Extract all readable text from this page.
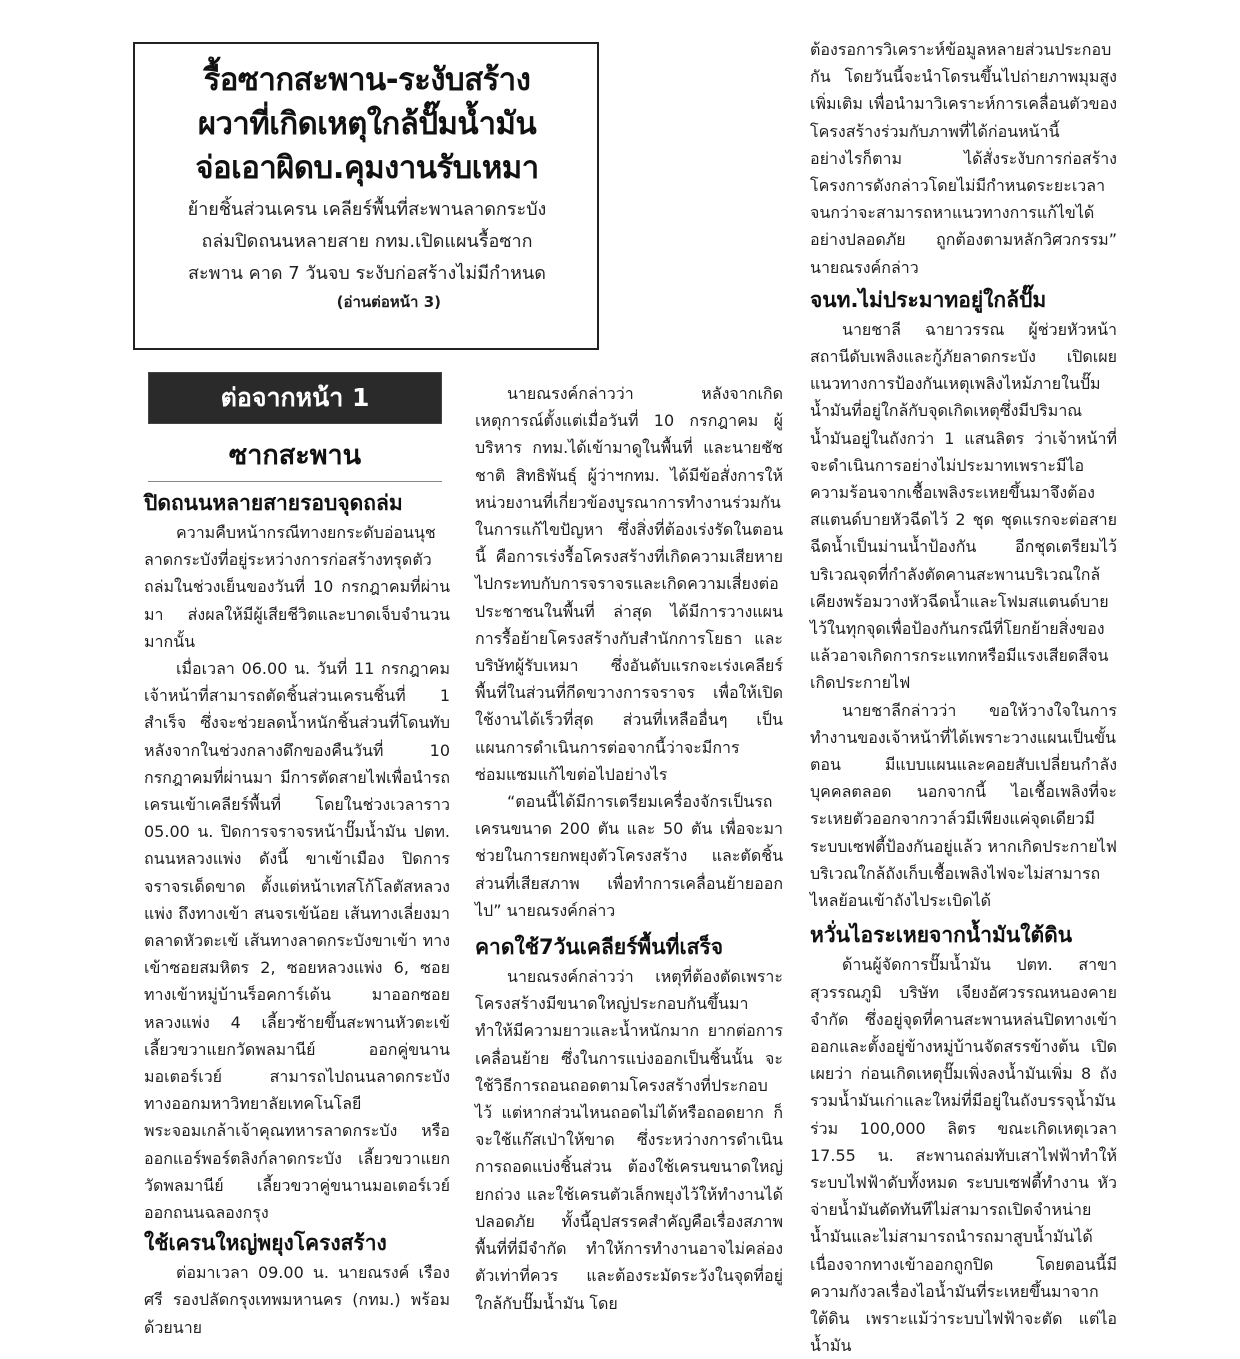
รื้อซากสะพาน-ระงับสร้าง

ผวาที่เกิดเหตุใกล้ปั๊มน้ำมัน

จ่อเอาผิดบ.คุมงานรับเหมา

ย้ายชิ้นส่วนเครน เคลียร์พื้นที่สะพานลาดกระบัง

ถล่มปิดถนนหลายสาย กทม.เปิดแผนรื้อซาก

สะพาน คาด 7 วันจบ ระงับก่อสร้างไม่มีกำหนด

(อ่านต่อหน้า 3)

ต่อจากหน้า 1
ซากสะพาน
ปิดถนนหลายสายรอบจุดถล่ม

ความคืบหน้ากรณีทางยกระดับอ่อนนุช ลาดกระบังที่อยู่ระหว่างการก่อสร้างทรุดตัวถล่มในช่วงเย็นของวันที่ 10 กรกฎาคมที่ผ่านมา ส่งผลให้มีผู้เสียชีวิตและบาดเจ็บจำนวนมากนั้น

เมื่อเวลา 06.00 น. วันที่ 11 กรกฎาคม เจ้าหน้าที่สามารถตัดชิ้นส่วนเครนชิ้นที่ 1 สำเร็จ ซึ่งจะช่วยลดน้ำหนักชิ้นส่วนที่โดนทับ หลังจากในช่วงกลางดึกของคืนวันที่ 10 กรกฎาคมที่ผ่านมา มีการตัดสายไฟเพื่อนำรถเครนเข้าเคลียร์พื้นที่ โดยในช่วงเวลาราว 05.00 น. ปิดการจราจรหน้าปั๊มน้ำมัน ปตท. ถนนหลวงแพ่ง ดังนี้ ขาเข้าเมือง ปิดการจราจรเด็ดขาด ตั้งแต่หน้าเทสโก้โลตัสหลวงแพ่ง ถึงทางเข้า สนจรเข้น้อย เส้นทางเลี่ยงมาตลาดหัวตะเข้ เส้นทางลาดกระบังขาเข้า ทางเข้าซอยสมหิตร 2, ซอยหลวงแพ่ง 6, ซอยทางเข้าหมู่บ้านร็อคการ์เด้น มาออกซอยหลวงแพ่ง 4 เลี้ยวซ้ายขึ้นสะพานหัวตะเข้ เลี้ยวขวาแยกวัดพลมานีย์ ออกคู่ขนานมอเตอร์เวย์ สามารถไปถนนลาดกระบัง ทางออกมหาวิทยาลัยเทคโนโลยีพระจอมเกล้าเจ้าคุณทหารลาดกระบัง หรือออกแอร์พอร์ตลิงก์ลาดกระบัง เลี้ยวขวาแยกวัดพลมานีย์ เลี้ยวขวาคู่ขนานมอเตอร์เวย์ ออกถนนฉลองกรุง

ใช้เครนใหญ่พยุงโครงสร้าง

ต่อมาเวลา 09.00 น. นายณรงค์ เรืองศรี รองปลัดกรุงเทพมหานคร (กทม.) พร้อมด้วยนาย

นายณรงค์กล่าวว่า หลังจากเกิดเหตุการณ์ตั้งแต่เมื่อวันที่ 10 กรกฎาคม ผู้บริหาร กทม.ได้เข้ามาดูในพื้นที่ และนายชัชชาติ สิทธิพันธุ์ ผู้ว่าฯกทม. ได้มีข้อสั่งการให้หน่วยงานที่เกี่ยวข้องบูรณาการทำงานร่วมกันในการแก้ไขปัญหา ซึ่งสิ่งที่ต้องเร่งรัดในตอนนี้ คือการเร่งรื้อโครงสร้างที่เกิดความเสียหาย ไปกระทบกับการจราจรและเกิดความเสี่ยงต่อประชาชนในพื้นที่ ล่าสุด ได้มีการวางแผนการรื้อย้ายโครงสร้างกับสำนักการโยธา และบริษัทผู้รับเหมา ซึ่งอันดับแรกจะเร่งเคลียร์พื้นที่ในส่วนที่กีดขวางการจราจร เพื่อให้เปิดใช้งานได้เร็วที่สุด ส่วนที่เหลืออื่นๆ เป็นแผนการดำเนินการต่อจากนี้ว่าจะมีการซ่อมแซมแก้ไขต่อไปอย่างไร

“ตอนนี้ได้มีการเตรียมเครื่องจักรเป็นรถเครนขนาด 200 ตัน และ 50 ตัน เพื่อจะมาช่วยในการยกพยุงตัวโครงสร้าง และตัดชิ้นส่วนที่เสียสภาพ เพื่อทำการเคลื่อนย้ายออกไป” นายณรงค์กล่าว

คาดใช้7วันเคลียร์พื้นที่เสร็จ

นายณรงค์กล่าวว่า เหตุที่ต้องตัดเพราะโครงสร้างมีขนาดใหญ่ประกอบกันขึ้นมา ทำให้มีความยาวและน้ำหนักมาก ยากต่อการเคลื่อนย้าย ซึ่งในการแบ่งออกเป็นชิ้นนั้น จะใช้วิธีการถอนถอดตามโครงสร้างที่ประกอบไว้ แต่หากส่วนไหนถอดไม่ได้หรือถอดยาก ก็จะใช้แก๊สเป่าให้ขาด ซึ่งระหว่างการดำเนินการถอดแบ่งชิ้นส่วน ต้องใช้เครนขนาดใหญ่ยกถ่วง และใช้เครนตัวเล็กพยุงไว้ให้ทำงานได้ปลอดภัย ทั้งนี้อุปสรรคสำคัญคือเรื่องสภาพพื้นที่ที่มีจำกัด ทำให้การทำงานอาจไม่คล่องตัวเท่าที่ควร และต้องระมัดระวังในจุดที่อยู่ใกล้กับปั๊มน้ำมัน โดย

ต้องรอการวิเคราะห์ข้อมูลหลายส่วนประกอบกัน โดยวันนี้จะนำโดรนขึ้นไปถ่ายภาพมุมสูงเพิ่มเติม เพื่อนำมาวิเคราะห์การเคลื่อนตัวของโครงสร้างร่วมกับภาพที่ได้ก่อนหน้านี้ อย่างไรก็ตาม ได้สั่งระงับการก่อสร้างโครงการดังกล่าวโดยไม่มีกำหนดระยะเวลา จนกว่าจะสามารถหาแนวทางการแก้ไขได้อย่างปลอดภัย ถูกต้องตามหลักวิศวกรรม” นายณรงค์กล่าว

จนท.ไม่ประมาทอยู่ใกล้ปั๊ม

นายชาลี ฉายาวรรณ ผู้ช่วยหัวหน้าสถานีดับเพลิงและกู้ภัยลาดกระบัง เปิดเผยแนวทางการป้องกันเหตุเพลิงไหม้ภายในปั๊มน้ำมันที่อยู่ใกล้กับจุดเกิดเหตุซึ่งมีปริมาณน้ำมันอยู่ในถังกว่า 1 แสนลิตร ว่าเจ้าหน้าที่จะดำเนินการอย่างไม่ประมาทเพราะมีไอความร้อนจากเชื้อเพลิงระเหยขึ้นมาจึงต้องสแตนด์บายหัวฉีดไว้ 2 ชุด ชุดแรกจะต่อสายฉีดน้ำเป็นม่านน้ำป้องกัน อีกชุดเตรียมไว้บริเวณจุดที่กำลังตัดคานสะพานบริเวณใกล้เคียงพร้อมวางหัวฉีดน้ำและโฟมสแตนด์บายไว้ในทุกจุดเพื่อป้องกันกรณีที่โยกย้ายสิ่งของแล้วอาจเกิดการกระแทกหรือมีแรงเสียดสีจนเกิดประกายไฟ

นายชาลีกล่าวว่า ขอให้วางใจในการทำงานของเจ้าหน้าที่ได้เพราะวางแผนเป็นขั้นตอน มีแบบแผนและคอยสับเปลี่ยนกำลังบุคคลตลอด นอกจากนี้ ไอเชื้อเพลิงที่จะระเหยตัวออกจากวาล์วมีเพียงแค่จุดเดียวมีระบบเซฟตี้ป้องกันอยู่แล้ว หากเกิดประกายไฟบริเวณใกล้ถังเก็บเชื้อเพลิงไฟจะไม่สามารถไหลย้อนเข้าถังไประเบิดได้

หวั่นไอระเหยจากน้ำมันใต้ดิน

ด้านผู้จัดการปั๊มน้ำมัน ปตท. สาขาสุวรรณภูมิ บริษัท เจียงอัศวรรณหนองคาย จำกัด ซึ่งอยู่จุดที่คานสะพานหล่นปิดทางเข้าออกและตั้งอยู่ข้างหมู่บ้านจัดสรรข้างต้น เปิดเผยว่า ก่อนเกิดเหตุปั๊มเพิ่งลงน้ำมันเพิ่ม 8 ถัง รวมน้ำมันเก่าและใหม่ที่มีอยู่ในถังบรรจุน้ำมันร่วม 100,000 ลิตร ขณะเกิดเหตุเวลา 17.55 น. สะพานถล่มทับเสาไฟฟ้าทำให้ระบบไฟฟ้าดับทั้งหมด ระบบเซฟตี้ทำงาน หัวจ่ายน้ำมันตัดทันทีไม่สามารถเปิดจำหน่ายน้ำมันและไม่สามารถนำรถมาสูบน้ำมันได้เนื่องจากทางเข้าออกถูกปิด โดยตอนนี้มีความกังวลเรื่องไอน้ำมันที่ระเหยขึ้นมาจากใต้ดิน เพราะแม้ว่าระบบไฟฟ้าจะตัด แต่ไอน้ำมัน
